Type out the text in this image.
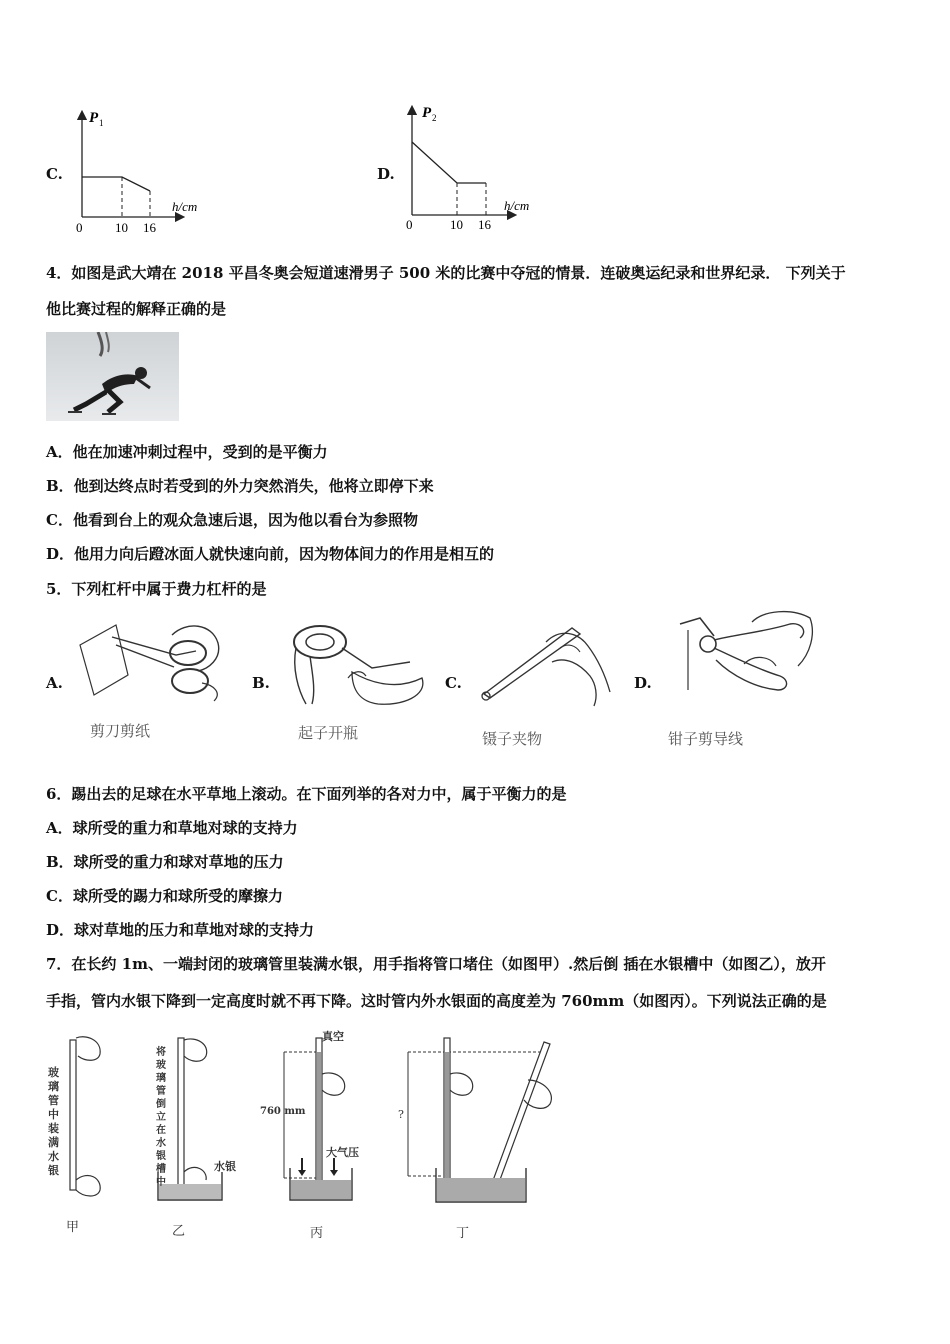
C.
P 1
h/cm
0	10 16
D.
P 2
h/cm
0	10 16
4．如图是武大靖在 2018 平昌冬奥会短道速滑男子 500 米的比赛中夺冠的情景．连破奥运纪录和世界纪录． 下列关于
他比赛过程的解释正确的是
A．他在加速冲刺过程中，受到的是平衡力
B．他到达终点时若受到的外力突然消失，他将立即停下来
C．他看到台上的观众急速后退，因为他以看台为参照物
D．他用力向后蹬冰面人就快速向前，因为物体间力的作用是相互的
5．下列杠杆中属于费力杠杆的是
A.
剪刀剪纸
B.
起子开瓶
C.
镊子夹物
D.
钳子剪导线
6．踢出去的足球在水平草地上滚动。在下面列举的各对力中，属于平衡力的是
A．球所受的重力和草地对球的支持力
B．球所受的重力和球对草地的压力
C．球所受的踢力和球所受的摩擦力
D．球对草地的压力和草地对球的支持力
7．在长约 1m、一端封闭的玻璃管里装满水银，用手指将管口堵住（如图甲）.然后倒 插在水银槽中（如图乙），放开
手指，管内水银下降到一定高度时就不再下降。这时管内外水银面的高度差为 760mm（如图丙）。下列说法正确的是
玻璃管中装满水银
甲
将玻璃管倒立在水银槽中
水银
乙
真空
760 mm
大气压
丙
?
丁
